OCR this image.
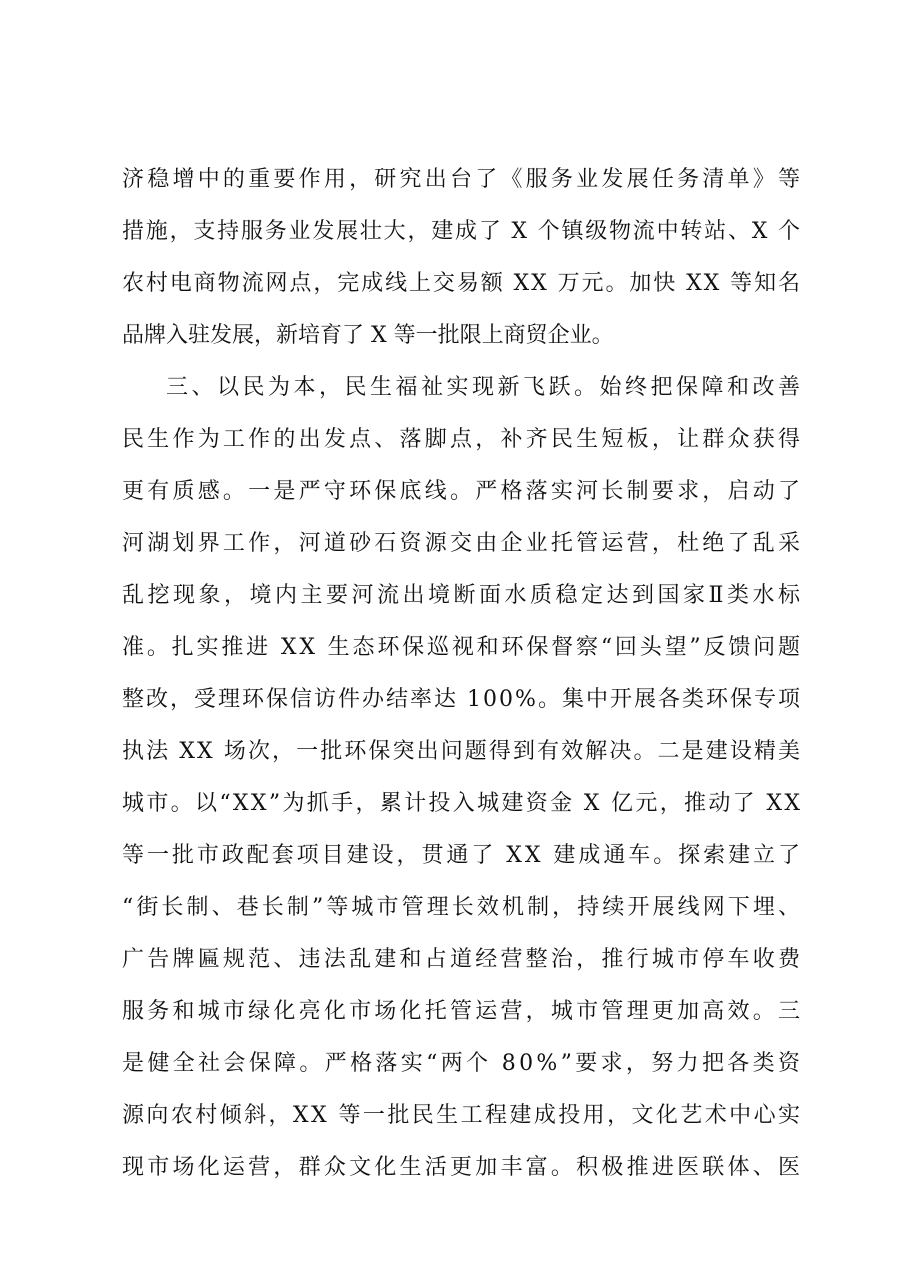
济稳增中的重要作用，研究出台了《服务业发展任务清单》等
措施，支持服务业发展壮大，建成了 X 个镇级物流中转站、X 个
农村电商物流网点，完成线上交易额 XX 万元。加快 XX 等知名
品牌入驻发展，新培育了 X 等一批限上商贸企业。
三、以民为本，民生福祉实现新飞跃。始终把保障和改善
民生作为工作的出发点、落脚点，补齐民生短板，让群众获得
更有质感。一是严守环保底线。严格落实河长制要求，启动了
河湖划界工作，河道砂石资源交由企业托管运营，杜绝了乱采
乱挖现象，境内主要河流出境断面水质稳定达到国家Ⅱ类水标
准。扎实推进 XX 生态环保巡视和环保督察“回头望”反馈问题
整改，受理环保信访件办结率达 100%。集中开展各类环保专项
执法 XX 场次，一批环保突出问题得到有效解决。二是建设精美
城市。以“XX”为抓手，累计投入城建资金 X 亿元，推动了 XX
等一批市政配套项目建设，贯通了 XX 建成通车。探索建立了
“街长制、巷长制”等城市管理长效机制，持续开展线网下埋、
广告牌匾规范、违法乱建和占道经营整治，推行城市停车收费
服务和城市绿化亮化市场化托管运营，城市管理更加高效。三
是健全社会保障。严格落实“两个 80%”要求，努力把各类资
源向农村倾斜，XX 等一批民生工程建成投用，文化艺术中心实
现市场化运营，群众文化生活更加丰富。积极推进医联体、医
